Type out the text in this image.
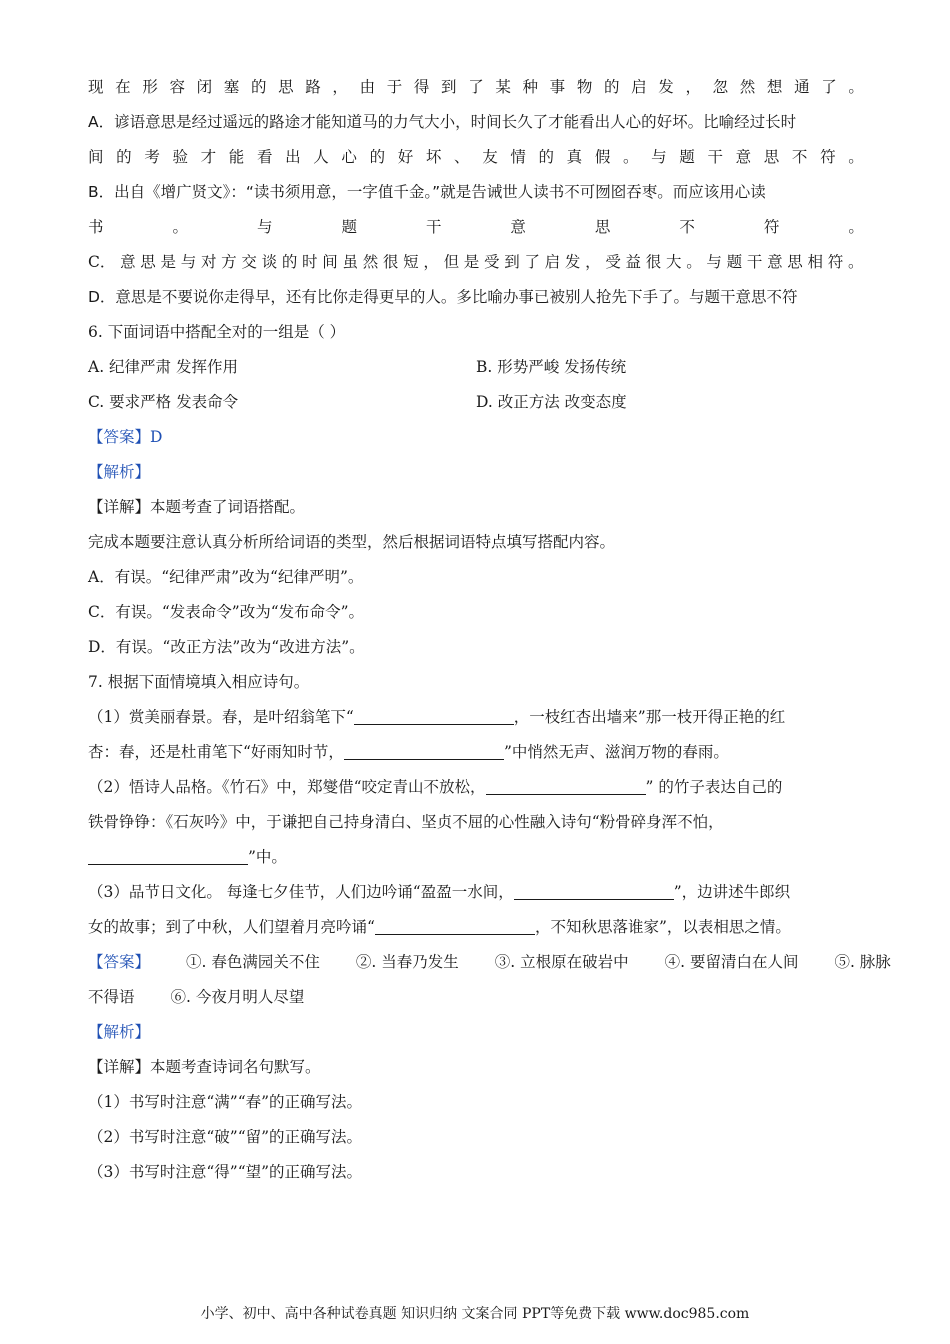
现 在 形 容 闭 塞 的 思 路 ， 由 于 得 到 了 某 种 事 物 的 启 发 ， 忽 然 想 通 了 。
A．谚语意思是经过遥远的路途才能知道马的力气大小，时间长久了才能看出人心的好坏。比喻经过长时
间 的 考 验 才 能 看 出 人 心 的 好 坏 、 友 情 的 真 假 。 与 题 干 意 思 不 符 。
B．出自《增广贤文》：“读书须用意，一字值千金。”就是告诫世人读书不可囫囵吞枣。而应该用心读
书	。	与	题	干	意	思	不	符	。
C． 意 思 是 与 对 方 交 谈 的 时 间 虽 然 很 短 ， 但 是 受 到 了 启 发 ， 受 益 很 大 。 与 题 干 意 思 相 符 。
D．意思是不要说你走得早，还有比你走得更早的人。多比喻办事已被别人抢先下手了。与题干意思不符
6. 下面词语中搭配全对的一组是（ ）
A. 纪律严肃 发挥作用	B. 形势严峻 发扬传统
C. 要求严格 发表命令	D. 改正方法 改变态度
【答案】D
【解析】
【详解】本题考查了词语搭配。
完成本题要注意认真分析所给词语的类型，然后根据词语特点填写搭配内容。
A．有误。“纪律严肃”改为“纪律严明”。
C．有误。“发表命令”改为“发布命令”。
D．有误。“改正方法”改为“改进方法”。
7. 根据下面情境填入相应诗句。
（1）赏美丽春景。春，是叶绍翁笔下“	，一枝红杏出墙来”那一枝开得正艳的红
杏：春，还是杜甫笔下“好雨知时节，	”中悄然无声、滋润万物的春雨。
（2）悟诗人品格。《竹石》中，郑燮借“咬定青山不放松，	” 的竹子表达自己的
铁骨铮铮：《石灰吟》中，于谦把自己持身清白、坚贞不屈的心性融入诗句“粉骨碎身浑不怕，
”中。
（3）品节日文化。 每逢七夕佳节，人们边吟诵“盈盈一水间，	”，边讲述牛郎织
女的故事；到了中秋，人们望着月亮吟诵“	，不知秋思落谁家”，以表相思之情。
【答案】 ①. 春色满园关不住 ②. 当春乃发生 ③. 立根原在破岩中 ④. 要留清白在人间 ⑤. 脉脉
不得语 ⑥. 今夜月明人尽望
【解析】
【详解】本题考查诗词名句默写。
（1）书写时注意“满”“春”的正确写法。
（2）书写时注意“破”“留”的正确写法。
（3）书写时注意“得”“望”的正确写法。
小学、初中、高中各种试卷真题 知识归纳 文案合同 PPT等免费下载 www.doc985.com
